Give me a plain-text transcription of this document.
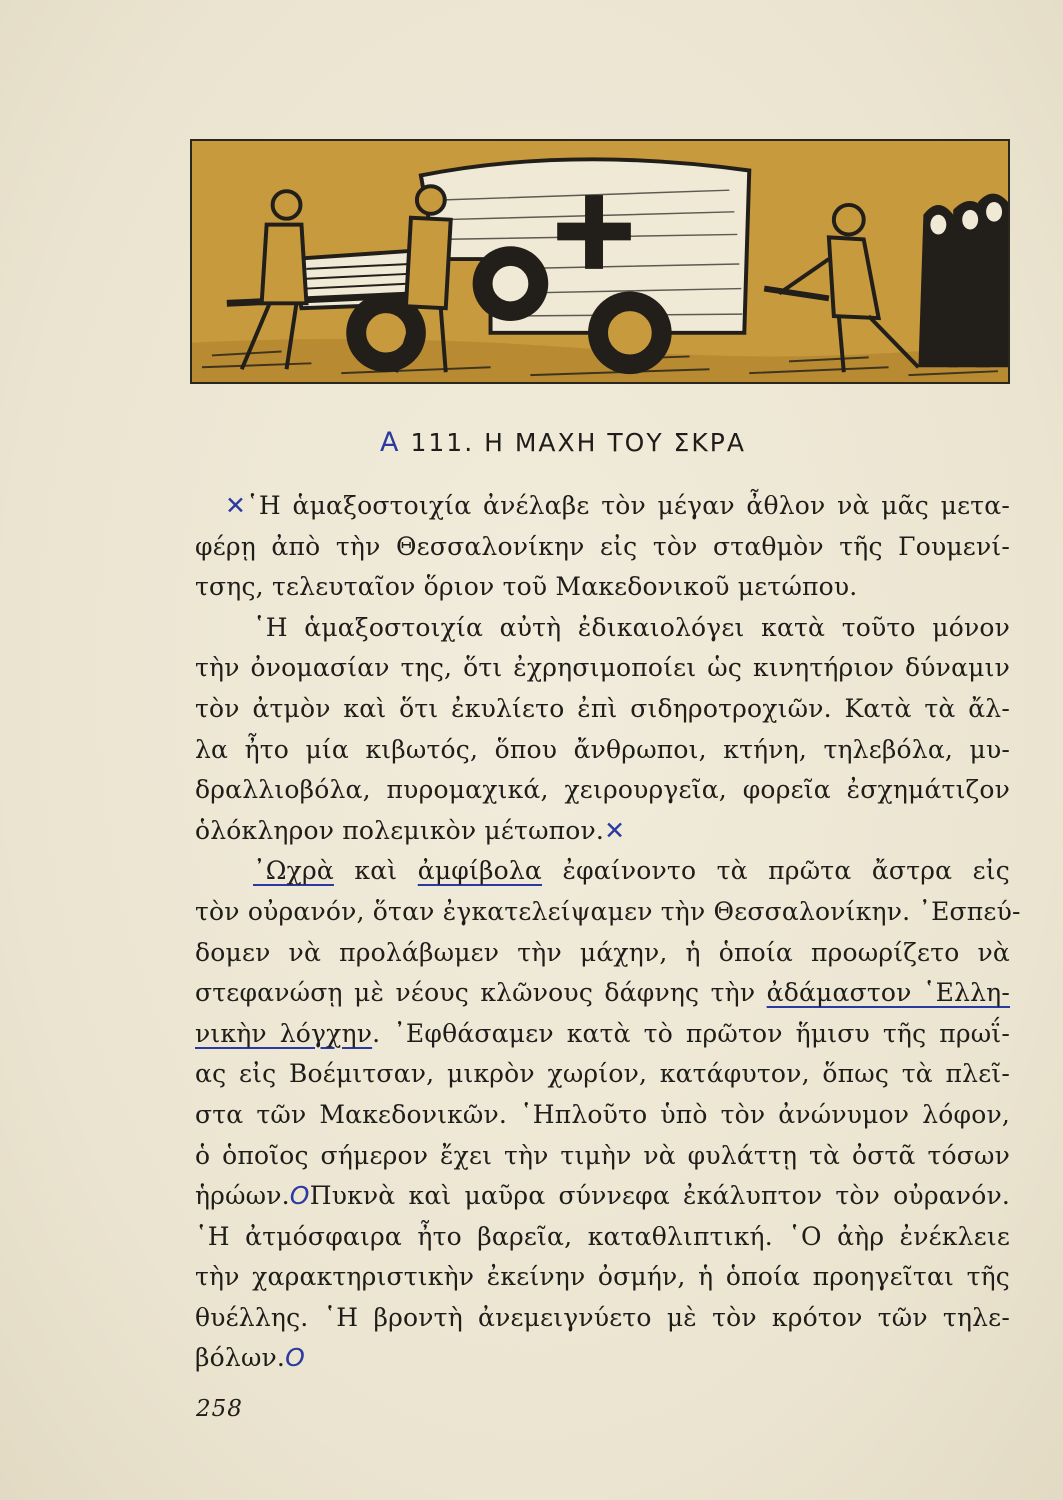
A 111. Η ΜΑΧΗ ΤΟΥ ΣΚΡΑ
✕῾Η ἁμαξοστοιχία ἀνέλαβε τὸν μέγαν ἆθλον νὰ μᾶς μετα-
φέρῃ ἀπὸ τὴν Θεσσαλονίκην εἰς τὸν σταθμὸν τῆς Γουμενί-
τσης, τελευταῖον ὅριον τοῦ Μακεδονικοῦ μετώπου.
῾Η ἁμαξοστοιχία αὐτὴ ἐδικαιολόγει κατὰ τοῦτο μόνον
τὴν ὀνομασίαν της, ὅτι ἐχρησιμοποίει ὡς κινητήριον δύναμιν
τὸν ἀτμὸν καὶ ὅτι ἐκυλίετο ἐπὶ σιδηροτροχιῶν. Κατὰ τὰ ἄλ-
λα ἦτο μία κιβωτός, ὅπου ἄνθρωποι, κτήνη, τηλεβόλα, μυ-
δραλλιοβόλα, πυρομαχικά, χειρουργεῖα, φορεῖα ἐσχημάτιζον
ὁλόκληρον πολεμικὸν μέτωπον.✕
᾿Ωχρὰ καὶ ἀμφίβολα ἐφαίνοντο τὰ πρῶτα ἄστρα εἰς
τὸν οὐρανόν, ὅταν ἐγκατελείψαμεν τὴν Θεσσαλονίκην. ᾿Εσπεύ-
δομεν νὰ προλάβωμεν τὴν μάχην, ἡ ὁποία προωρίζετο νὰ
στεφανώσῃ μὲ νέους κλῶνους δάφνης τὴν ἀδάμαστον ῾Ελλη-
νικὴν λόγχην. ᾿Εφθάσαμεν κατὰ τὸ πρῶτον ἥμισυ τῆς πρωΐ-
ας εἰς Βοέμιτσαν, μικρὸν χωρίον, κατάφυτον, ὅπως τὰ πλεῖ-
στα τῶν Μακεδονικῶν. ῾Ηπλοῦτο ὑπὸ τὸν ἀνώνυμον λόφον,
ὁ ὁποῖος σήμερον ἔχει τὴν τιμὴν νὰ φυλάττῃ τὰ ὀστᾶ τόσων
ἡρώων.OΠυκνὰ καὶ μαῦρα σύννεφα ἐκάλυπτον τὸν οὐρανόν.
῾Η ἀτμόσφαιρα ἦτο βαρεῖα, καταθλιπτική. ῾Ο ἀὴρ ἐνέκλειε
τὴν χαρακτηριστικὴν ἐκείνην ὀσμήν, ἡ ὁποία προηγεῖται τῆς
θυέλλης. ῾Η βροντὴ ἀνεμειγνύετο μὲ τὸν κρότον τῶν τηλε-
βόλων.O
258
